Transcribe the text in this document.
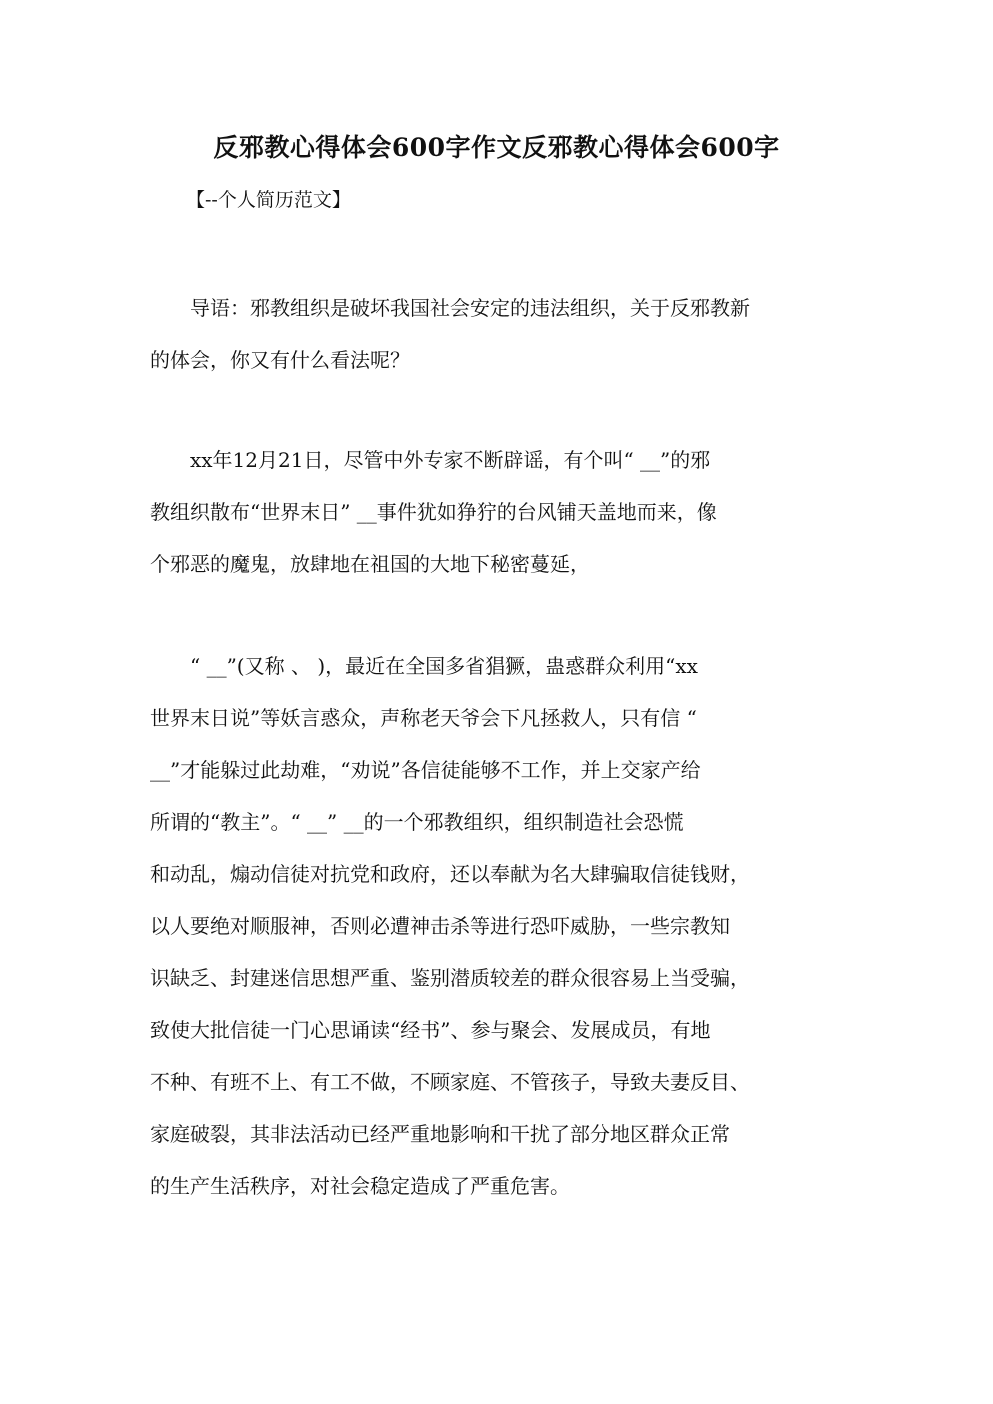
反邪教心得体会600字作文反邪教心得体会600字
【--个人简历范文】

　　导语：邪教组织是破坏我国社会安定的违法组织，关于反邪教新
的体会，你又有什么看法呢？

　　xx年12月21日，尽管中外专家不断辟谣，有个叫“ __”的邪
教组织散布“世界末日” __事件犹如狰狞的台风铺天盖地而来，像
个邪恶的魔鬼，放肆地在祖国的大地下秘密蔓延，

　　“ __”(又称 、 )，最近在全国多省猖獗，蛊惑群众利用“xx
世界末日说”等妖言惑众，声称老天爷会下凡拯救人，只有信 “
__”才能躲过此劫难，“劝说”各信徒能够不工作，并上交家产给
所谓的“教主”。“ __” __的一个邪教组织，组织制造社会恐慌
和动乱，煽动信徒对抗党和政府，还以奉献为名大肆骗取信徒钱财，
以人要绝对顺服神，否则必遭神击杀等进行恐吓威胁，一些宗教知
识缺乏、封建迷信思想严重、鉴别潜质较差的群众很容易上当受骗，
致使大批信徒一门心思诵读“经书”、参与聚会、发展成员，有地
不种、有班不上、有工不做，不顾家庭、不管孩子，导致夫妻反目、
家庭破裂，其非法活动已经严重地影响和干扰了部分地区群众正常
的生产生活秩序，对社会稳定造成了严重危害。
